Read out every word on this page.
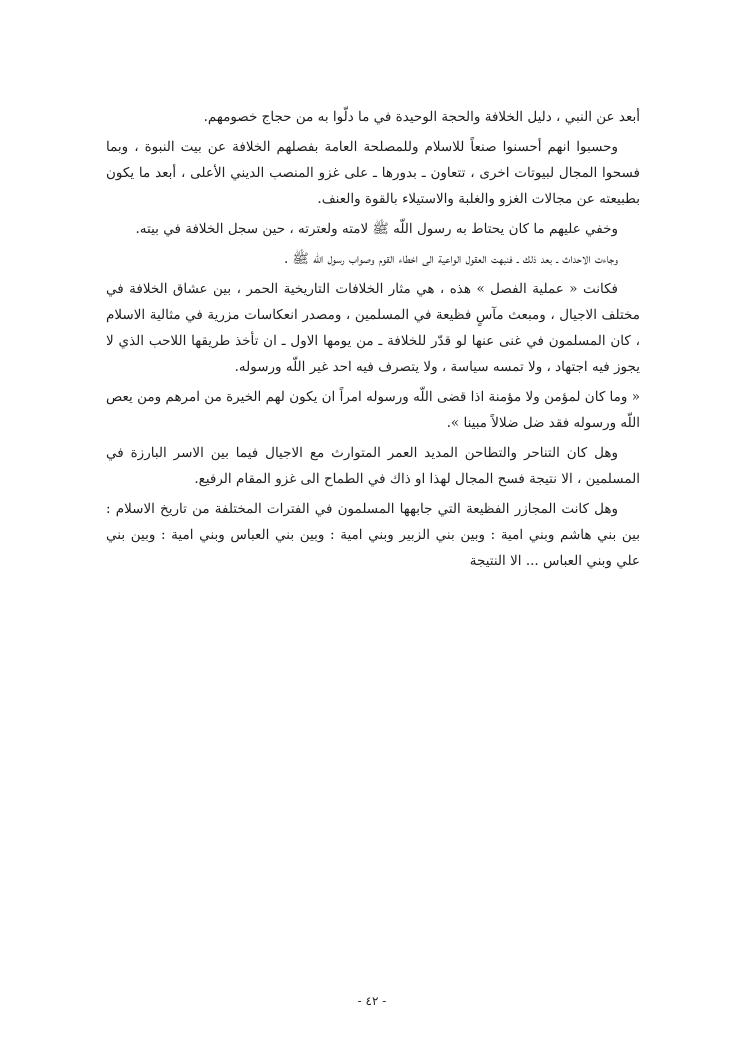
أبعد عن النبي ، دليل الخلافة والحجة الوحيدة في ما دلّوا به من حجاج خصومهم.

وحسبوا انهم أحسنوا صنعاً للاسلام وللمصلحة العامة بفصلهم الخلافة عن بيت النبوة ، وبما فسحوا المجال لبيوتات اخرى ، تتعاون ـ بدورها ـ على غزو المنصب الديني الأعلى ، أبعد ما يكون بطبيعته عن مجالات الغزو والغلبة والاستيلاء بالقوة والعنف.

وخفي عليهم ما كان يحتاط به رسول اللّه ﷺ لامته ولعترته ، حين سجل الخلافة في بيته.

وجاءت الاحداث ـ بعد ذلك ـ فنبهت العقول الواعية الى اخطاء القوم وصواب رسول اللّه ﷺ .

فكانت « عملية الفصل » هذه ، هي مثار الخلافات التاريخية الحمر ، بين عشاق الخلافة في مختلف الاجيال ، ومبعث مآسٍ فظيعة في المسلمين ، ومصدر انعكاسات مزرية في مثالية الاسلام ، كان المسلمون في غنى عنها لو قدّر للخلافة ـ من يومها الاول ـ ان تأخذ طريقها اللاحب الذي لا يجوز فيه اجتهاد ، ولا تمسه سياسة ، ولا يتصرف فيه احد غير اللّه ورسوله.

« وما كان لمؤمن ولا مؤمنة اذا قضى اللّه ورسوله امراً ان يكون لهم الخيرة من امرهم ومن يعص اللّه ورسوله فقد ضل ضلالاً مبينا ».

وهل كان التناحر والتطاحن المديد العمر المتوارث مع الاجيال فيما بين الاسر البارزة في المسلمين ، الا نتيجة فسح المجال لهذا او ذاك في الطماح الى غزو المقام الرفيع.

وهل كانت المجازر الفظيعة التي جابهها المسلمون في الفترات المختلفة من تاريخ الاسلام : بين بني هاشم وبني امية : وبين بني الزبير وبني امية : وبين بني العباس وبني امية : وبين بني علي وبني العباس ... الا النتيجة

- ٤٢ -
